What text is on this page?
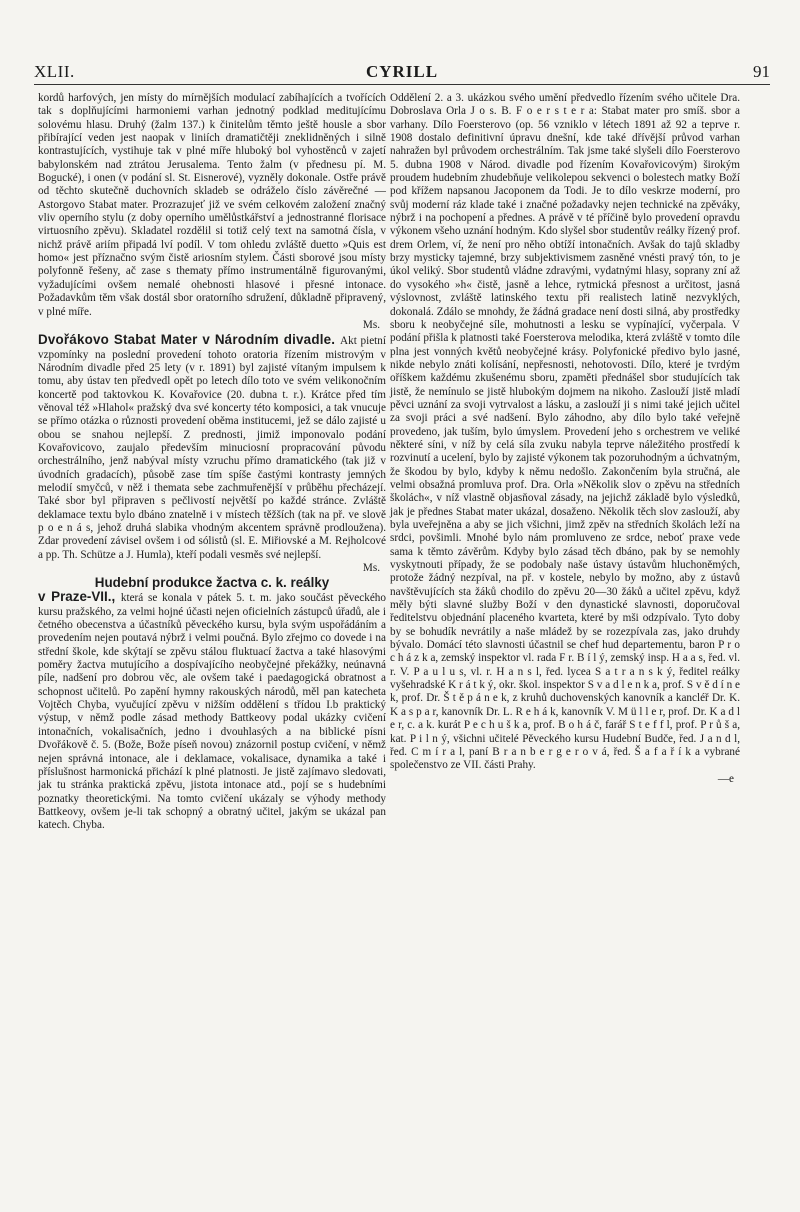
XLII.	CYRILL	91

kordů harfových, jen místy do mírnějších modulací zabíhajících a tvořících tak s doplňujícími harmoniemi varhan jednotný podklad meditujícímu solovému hlasu. Druhý (žalm 137.) k činitelům těmto ještě housle a sbor přibírající veden jest naopak v liniích dramatičtěji zneklidněných i silně kontrastujících, vystihuje tak v plné míře hluboký bol vyhostěnců v zajetí babylonském nad ztrátou Jerusalema. Tento žalm (v přednesu pí. M. Bogucké), i onen (v podání sl. St. Eisnerové), vyzněly dokonale. Ostře právě od těchto skutečně duchovních skladeb se odráželo číslo závěrečné — Astorgovo Stabat mater. Prozrazujeť již ve svém celkovém založení značný vliv operního stylu (z doby operního umělůstkářství a jednostranné florisace virtuosního zpěvu). Skladatel rozdělil si totiž celý text na samotná čísla, v nichž právě ariím připadá lví podíl. V tom ohledu zvláště duetto »Quis est homo« jest příznačno svým čistě ariosním stylem. Části sborové jsou místy polyfonně řešeny, ač zase s thematy přímo instrumentálně figurovanými, vyžadujícími ovšem nemalé ohebnosti hlasové i přesné intonace. Požadavkům těm však dostál sbor oratorního sdružení, důkladně připravený, v plné míře.

Ms.

Dvořákovo Stabat Mater v Národním divadle. Akt pietní vzpomínky na poslední provedení tohoto oratoria řízením mistrovým v Národním divadle před 25 lety (v r. 1891) byl zajisté vítaným impulsem k tomu, aby ústav ten předvedl opět po letech dílo toto ve svém velikonočním koncertě pod taktovkou K. Kovařovice (20. dubna t. r.). Krátce před tím věnoval též »Hlahol« pražský dva své koncerty této komposici, a tak vnucuje se přímo otázka o různosti provedení oběma institucemi, jež se dálo zajisté u obou se snahou nejlepší. Z prednosti, jimiž imponovalo podání Kovařovicovo, zaujalo především minuciosní propracování původu orchestrálního, jenž nabýval místy vzruchu přímo dramatického (tak již v úvodních gradacích), působě zase tím spíše častými kontrasty jemných melodií smyčců, v něž i themata sebe zachmuřenější v průběhu přecházejí. Také sbor byl připraven s pečlivostí největší po každé stránce. Zvláště deklamace textu bylo dbáno znatelně i v místech těžších (tak na př. ve slově p o e n á s, jehož druhá slabika vhodným akcentem správně prodloužena). Zdar provedení závisel ovšem i od sólistů (sl. E. Miřiovské a M. Rejholcové a pp. Th. Schütze a J. Humla), kteří podali vesměs své nejlepší.

Ms.

Hudební produkce žactva c. k. reálky
v Praze-VII., která se konala v pátek 5. t. m. jako součást pěveckého kursu pražského, za velmi hojné účasti nejen oficielních zástupců úřadů, ale i četného obecenstva a účastníků pěveckého kursu, byla svým uspořádáním a provedením nejen poutavá nýbrž i velmi poučná. Bylo zřejmo co dovede i na střední škole, kde skýtají se zpěvu stálou fluktuací žactva a také hlasovými poměry žactva mutujícího a dospívajícího neobyčejné překážky, neúnavná píle, nadšení pro dobrou věc, ale ovšem také i paedagogická obratnost a schopnost učitelů. Po zapění hymny rakouských národů, měl pan katecheta Vojtěch Chyba, vyučující zpěvu v nižším oddělení s třídou I.b praktický výstup, v němž podle zásad methody Battkeovy podal ukázky cvičení intonačních, vokalisačních, jedno i dvouhlasých a na biblické písni Dvořákově č. 5. (Bože, Bože píseň novou) znázornil postup cvičení, v němž nejen správná intonace, ale i deklamace, vokalisace, dynamika a také i příslušnost harmonická přichází k plné platnosti. Je jistě zajímavo sledovati, jak tu stránka praktická zpěvu, jistota intonace atd., pojí se s hudebními poznatky theoretickými. Na tomto cvičení ukázaly se výhody methody Battkeovy, ovšem je-li tak schopný a obratný učitel, jakým se ukázal pan katech. Chyba.

Oddělení 2. a 3. ukázkou svého umění předvedlo řízením svého učitele Dra. Dobroslava Orla J o s. B. F o e r s t e r a: Stabat mater pro smíš. sbor a varhany. Dílo Foersterovo (op. 56 vzniklo v létech 1891 až 92 a teprve r. 1908 dostalo definitivní úpravu dnešní, kde také dřívější průvod varhan nahražen byl průvodem orchestrálním. Tak jsme také slyšeli dílo Foersterovo 5. dubna 1908 v Národ. divadle pod řízením Kovařovicovým) širokým proudem hudebním zhudebňuje velikolepou sekvenci o bolestech matky Boží pod křížem napsanou Jacoponem da Todi. Je to dílo veskrze moderní, pro svůj moderní ráz klade také i značné požadavky nejen technické na zpěváky, nýbrž i na pochopení a přednes. A právě v té příčině bylo provedení opravdu výkonem všeho uznání hodným. Kdo slyšel sbor studentův reálky řízený prof. drem Orlem, ví, že není pro něho obtíží intonačních. Avšak do tajů skladby brzy mysticky tajemné, brzy subjektivismem zasněné vnésti pravý tón, to je úkol veliký. Sbor studentů vládne zdravými, vydatnými hlasy, soprany zní až do vysokého »h« čistě, jasně a lehce, rytmická přesnost a určitost, jasná výslovnost, zvláště latinského textu při realistech latině nezvyklých, dokonalá. Zdálo se mnohdy, že žádná gradace není dosti silná, aby prostředky sboru k neobyčejné síle, mohutnosti a lesku se vypínající, vyčerpala. V podání přišla k platnosti také Foersterova melodika, která zvláště v tomto díle plna jest vonných květů neobyčejné krásy. Polyfonické předivo bylo jasné, nikde nebylo znáti kolísání, nepřesnosti, nehotovosti. Dílo, které je tvrdým oříškem každému zkušenému sboru, zpaměti přednášel sbor studujících tak jistě, že nemínulo se jistě hlubokým dojmem na nikoho. Zaslouží jistě mladí pěvci uznání za svoji vytrvalost a lásku, a zaslouží ji s nimi také jejich učitel za svoji práci a své nadšení. Bylo záhodno, aby dílo bylo také veřejně provedeno, jak tuším, bylo úmyslem. Provedení jeho s orchestrem ve veliké některé síni, v níž by celá síla zvuku nabyla teprve náležitého prostředí k rozvinutí a ucelení, bylo by zajisté výkonem tak pozoruhodným a úchvatným, že škodou by bylo, kdyby k němu nedošlo. Zakončením byla stručná, ale velmi obsažná promluva prof. Dra. Orla »Několik slov o zpěvu na středních školách«, v níž vlastně objasňoval zásady, na jejichž základě bylo výsledků, jak je přednes Stabat mater ukázal, dosaženo. Několik těch slov zaslouží, aby byla uveřejněna a aby se jich všichni, jimž zpěv na středních školách leží na srdci, povšimli. Mnohé bylo nám promluveno ze srdce, neboť praxe vede sama k těmto závěrům. Kdyby bylo zásad těch dbáno, pak by se nemohly vyskytnouti případy, že se podobaly naše ústavy ústavům hluchoněmých, protože žádný nezpíval, na př. v kostele, nebylo by možno, aby z ústavů navštěvujících sta žáků chodilo do zpěvu 20—30 žáků a učitel zpěvu, když měly býti slavné služby Boží v den dynastické slavnosti, doporučoval ředitelstvu objednání placeného kvarteta, které by mši odzpívalo. Tyto doby by se bohudík nevrátily a naše mládež by se rozezpívala zas, jako druhdy bývalo. Domácí této slavnosti účastnil se chef hud departementu, baron P r o c h á z k a, zemský inspektor vl. rada F r. B í l ý, zemský insp. H a a s, řed. vl. r. V. P a u l u s, vl. r. H a n s l, řed. lycea S a t r a n s k ý, ředitel reálky vyšehradské K r á t k ý, okr. škol. inspektor S v a d l e n k a, prof. S v ě d í n e k, prof. Dr. Š t ě p á n e k, z kruhů duchovenských kanovník a kancléř Dr. K. K a s p a r, kanovník Dr. L. R e h á k, kanovník V. M ü l l e r, prof. Dr. K a d l e r, c. a k. kurát P e c h u š k a, prof. B o h á č, farář S t e f f l, prof. P r ů š a, kat. P i l n ý, všichni učitelé Pěveckého kursu Hudební Budče, řed. J a n d l, řed. C m í r a l, paní B r a n b e r g e r o v á, řed. Š a f a ř í k a vybrané společenstvo ze VII. části Prahy.

—e
